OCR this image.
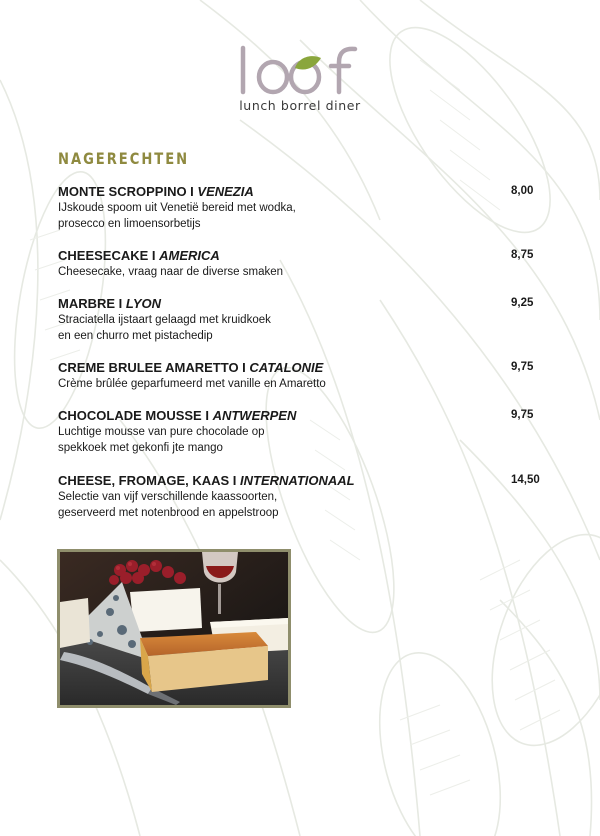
lunch borrel diner
NAGERECHTEN
MONTE SCROPPINO I VENEZIA	8,00
IJskoude spoom uit Venetië bereid met wodka,
prosecco en limoensorbetijs
CHEESECAKE I AMERICA	8,75
Cheesecake, vraag naar de diverse smaken
MARBRE I LYON	9,25
Straciatella ijstaart gelaagd met kruidkoek
en een churro met pistachedip
CREME BRULEE AMARETTO I CATALONIE	9,75
Crème brûlée geparfumeerd met vanille en Amaretto
CHOCOLADE MOUSSE I ANTWERPEN	9,75
Luchtige mousse van pure chocolade op
spekkoek met gekonfi jte mango
CHEESE, FROMAGE, KAAS I INTERNATIONAAL	14,50
Selectie van vijf verschillende kaassoorten,
geserveerd met notenbrood en appelstroop
